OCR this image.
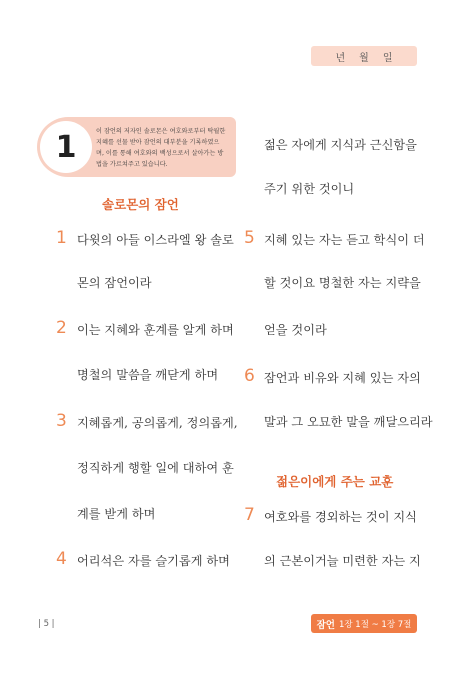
년 월 일
1	이 잠언의 저자인 솔로몬은 여호와로부터 탁월한
지혜를 선물 받아 잠언의 대부분을 기록하였으
며, 이를 통해 여호와의 백성으로서 살아가는 방
법을 가르쳐주고 있습니다.
솔로몬의 잠언
1 다윗의 아들 이스라엘 왕 솔로
몬의 잠언이라
2 이는 지혜와 훈계를 알게 하며
명철의 말씀을 깨닫게 하며
3 지혜롭게, 공의롭게, 정의롭게,
정직하게 행할 일에 대하여 훈
계를 받게 하며
4 어리석은 자를 슬기롭게 하며
젊은 자에게 지식과 근신함을
주기 위한 것이니
5 지혜 있는 자는 듣고 학식이 더
할 것이요 명철한 자는 지략을
얻을 것이라
6 잠언과 비유와 지혜 있는 자의
말과 그 오묘한 말을 깨달으리라
젊은이에게 주는 교훈
7 여호와를 경외하는 것이 지식
의 근본이거늘 미련한 자는 지
| 5 |	잠언 1장 1절 ~ 1장 7절
